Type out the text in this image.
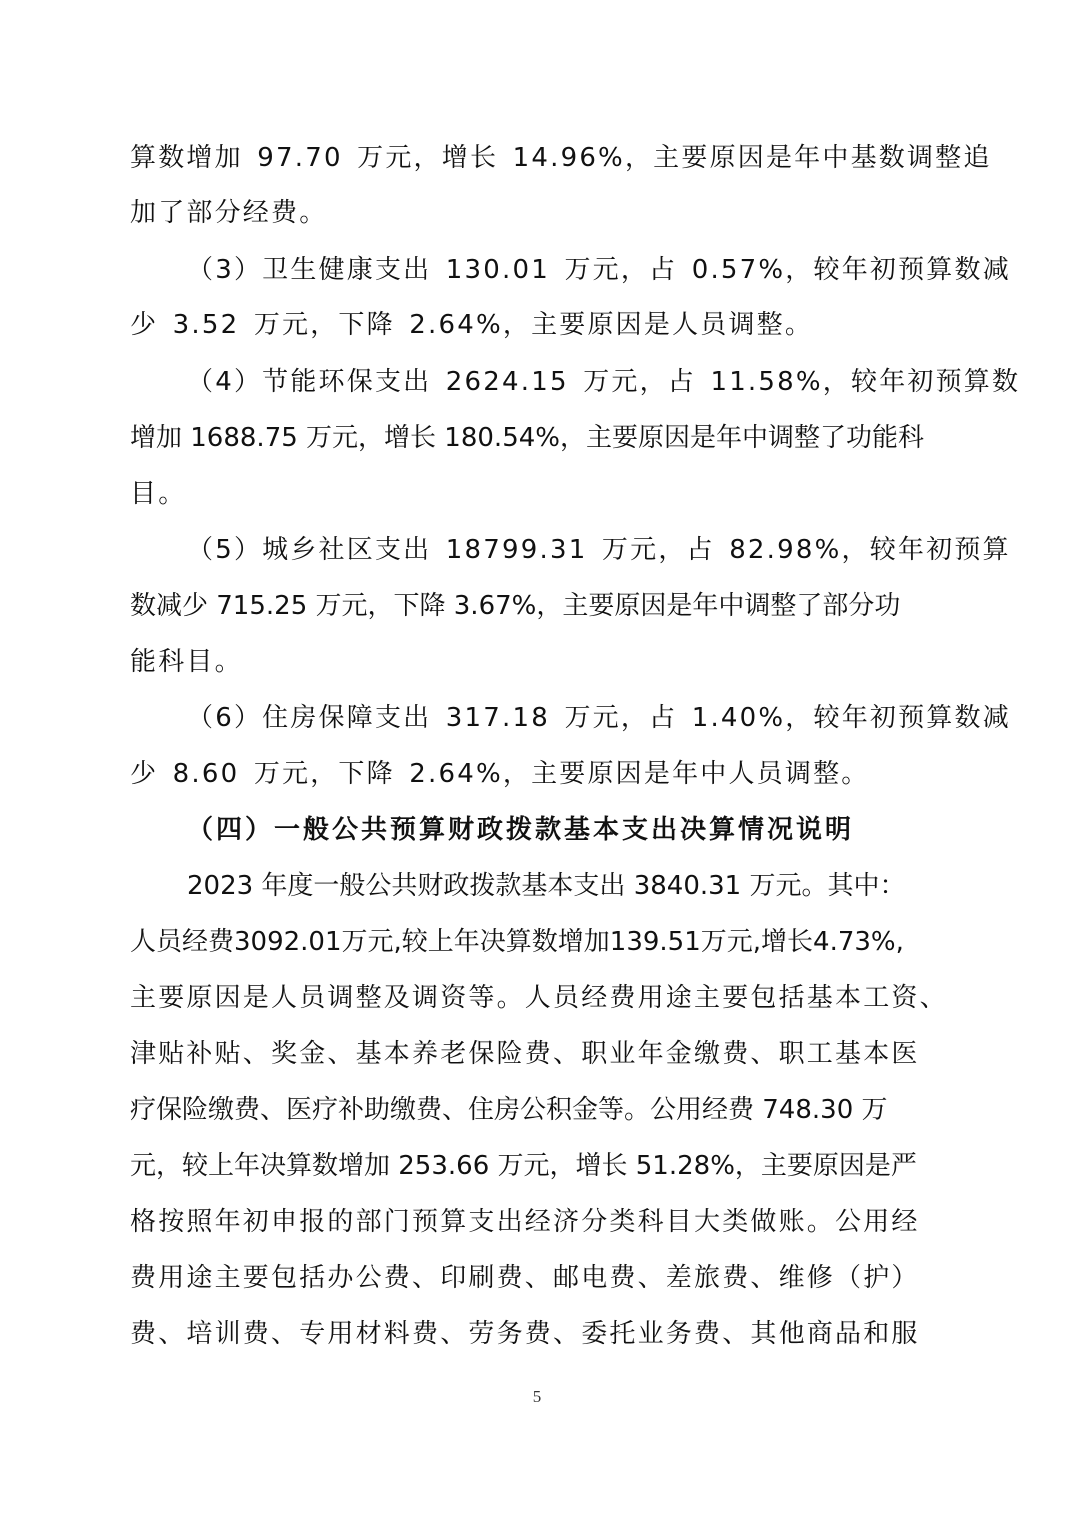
算数增加 97.70 万元，增长 14.96%，主要原因是年中基数调整追
加了部分经费。
（3）卫生健康支出 130.01 万元，占 0.57%，较年初预算数减
少 3.52 万元，下降 2.64%，主要原因是人员调整。
（4）节能环保支出 2624.15 万元，占 11.58%，较年初预算数
增加 1688.75 万元，增长 180.54%，主要原因是年中调整了功能科
目。
（5）城乡社区支出 18799.31 万元，占 82.98%，较年初预算
数减少 715.25 万元，下降 3.67%，主要原因是年中调整了部分功
能科目。
（6）住房保障支出 317.18 万元，占 1.40%，较年初预算数减
少 8.60 万元，下降 2.64%，主要原因是年中人员调整。
（四）一般公共预算财政拨款基本支出决算情况说明
2023 年度一般公共财政拨款基本支出 3840.31 万元。其中：
人员经费3092.01万元,较上年决算数增加139.51万元,增长4.73%,
主要原因是人员调整及调资等。人员经费用途主要包括基本工资、
津贴补贴、奖金、基本养老保险费、职业年金缴费、职工基本医
疗保险缴费、医疗补助缴费、住房公积金等。公用经费 748.30 万
元，较上年决算数增加 253.66 万元，增长 51.28%，主要原因是严
格按照年初申报的部门预算支出经济分类科目大类做账。公用经
费用途主要包括办公费、印刷费、邮电费、差旅费、维修（护）
费、培训费、专用材料费、劳务费、委托业务费、其他商品和服
5
